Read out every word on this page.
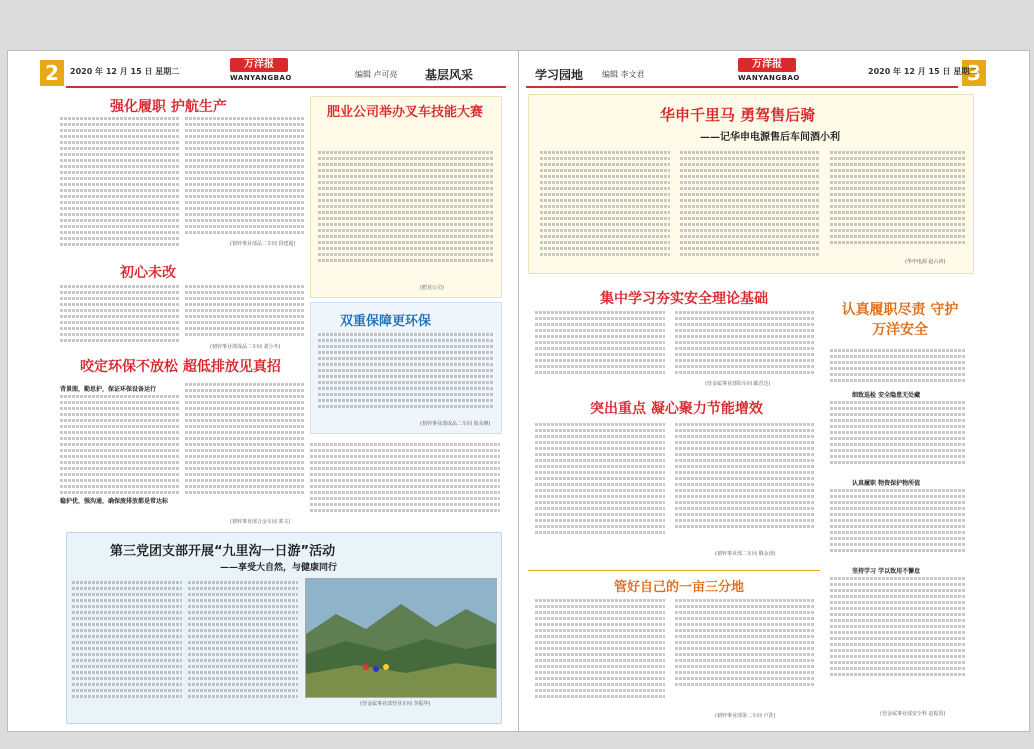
2	2020 年 12 月 15 日 星期二
万洋报
WANYANGBAO	编辑 卢可亮 基层风采
强化履职 护航生产
(韧锌事业部品二车间 段建超)
肥业公司举办叉车技能大赛
(肥业公司)
初心未改
(韧锌事业部成品二车间 刘小冬)
双重保障更环保
(韧锌事业部成品二车间 徐永峰)
咬定环保不放松 超低排放见真招
背景图，勤思护，保证环保设备运行
稳护优，强沟通，确保废排放都是常达标
(韧锌事业部合金车间 郭文)
第三党团支部开展“九里沟一日游”活动
——享受大自然，与健康同行
(营金属事业部营业车间 李振华)
3
学习园地 编辑 李文君
万洋报
WANYANGBAO
2020 年 12 月 15 日 星期二
华申千里马 勇驾售后骑
——记华申电源售后车间酒小利
(华申电源 赵占涛)
集中学习夯实安全理论基础
(营金属事业部铅车间 邮晋达)
认真履职尽责 守护万洋安全
细致巡检 安全隐患无处藏
认真履职 物资保护物所值
坚持学习 学以致用不懈怠
(营金属事业部安全科 赵振国)
突出重点 凝心聚力节能增效
(韧锌事业部二车间 俄永涛)
管好自己的一亩三分地
(韧锌事业部第二车间 卢洗)
